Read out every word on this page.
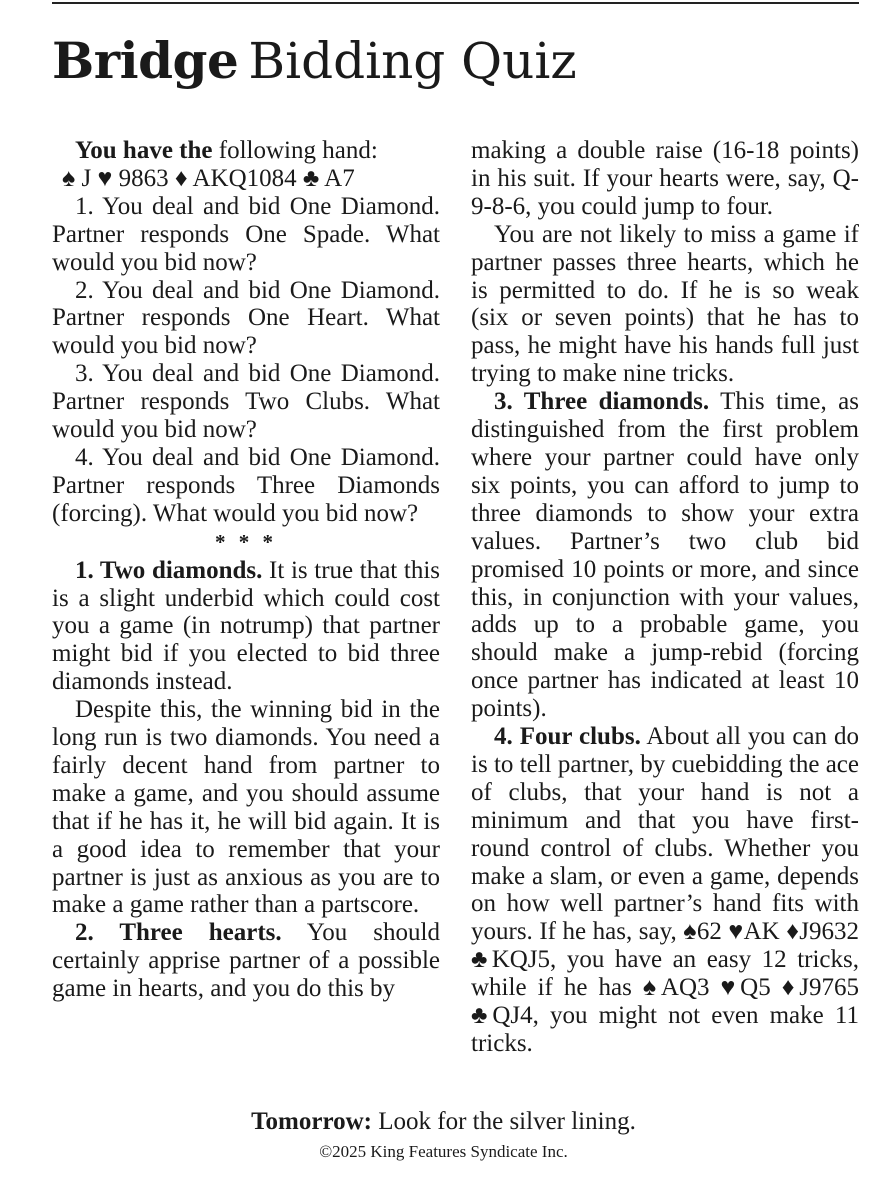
Bridge Bidding Quiz

You have the following hand:

♠ J ♥ 9863 ♦ AKQ1084 ♣ A7

1. You deal and bid One Diamond. Partner responds One Spade. What would you bid now?

2. You deal and bid One Diamond. Partner responds One Heart. What would you bid now?

3. You deal and bid One Diamond. Partner responds Two Clubs. What would you bid now?

4. You deal and bid One Diamond. Partner responds Three Diamonds (forcing). What would you bid now?

* * *

1. Two diamonds. It is true that this is a slight underbid which could cost you a game (in notrump) that partner might bid if you elected to bid three diamonds instead.

Despite this, the winning bid in the long run is two diamonds. You need a fairly decent hand from partner to make a game, and you should assume that if he has it, he will bid again. It is a good idea to remember that your partner is just as anxious as you are to make a game rather than a partscore.

2. Three hearts. You should certainly apprise partner of a possible game in hearts, and you do this by

making a double raise (16-18 points) in his suit. If your hearts were, say, Q-9-8-6, you could jump to four.

You are not likely to miss a game if partner passes three hearts, which he is permitted to do. If he is so weak (six or seven points) that he has to pass, he might have his hands full just trying to make nine tricks.

3. Three diamonds. This time, as distinguished from the first problem where your partner could have only six points, you can afford to jump to three diamonds to show your extra values. Partner’s two club bid promised 10 points or more, and since this, in conjunction with your values, adds up to a probable game, you should make a jump-rebid (forcing once partner has indicated at least 10 points).

4. Four clubs. About all you can do is to tell partner, by cuebidding the ace of clubs, that your hand is not a minimum and that you have first-round control of clubs. Whether you make a slam, or even a game, depends on how well partner’s hand fits with yours. If he has, say, ♠62 ♥AK ♦J9632 ♣KQJ5, you have an easy 12 tricks, while if he has ♠AQ3 ♥Q5 ♦J9765 ♣QJ4, you might not even make 11 tricks.

Tomorrow: Look for the silver lining.
©2025 King Features Syndicate Inc.
